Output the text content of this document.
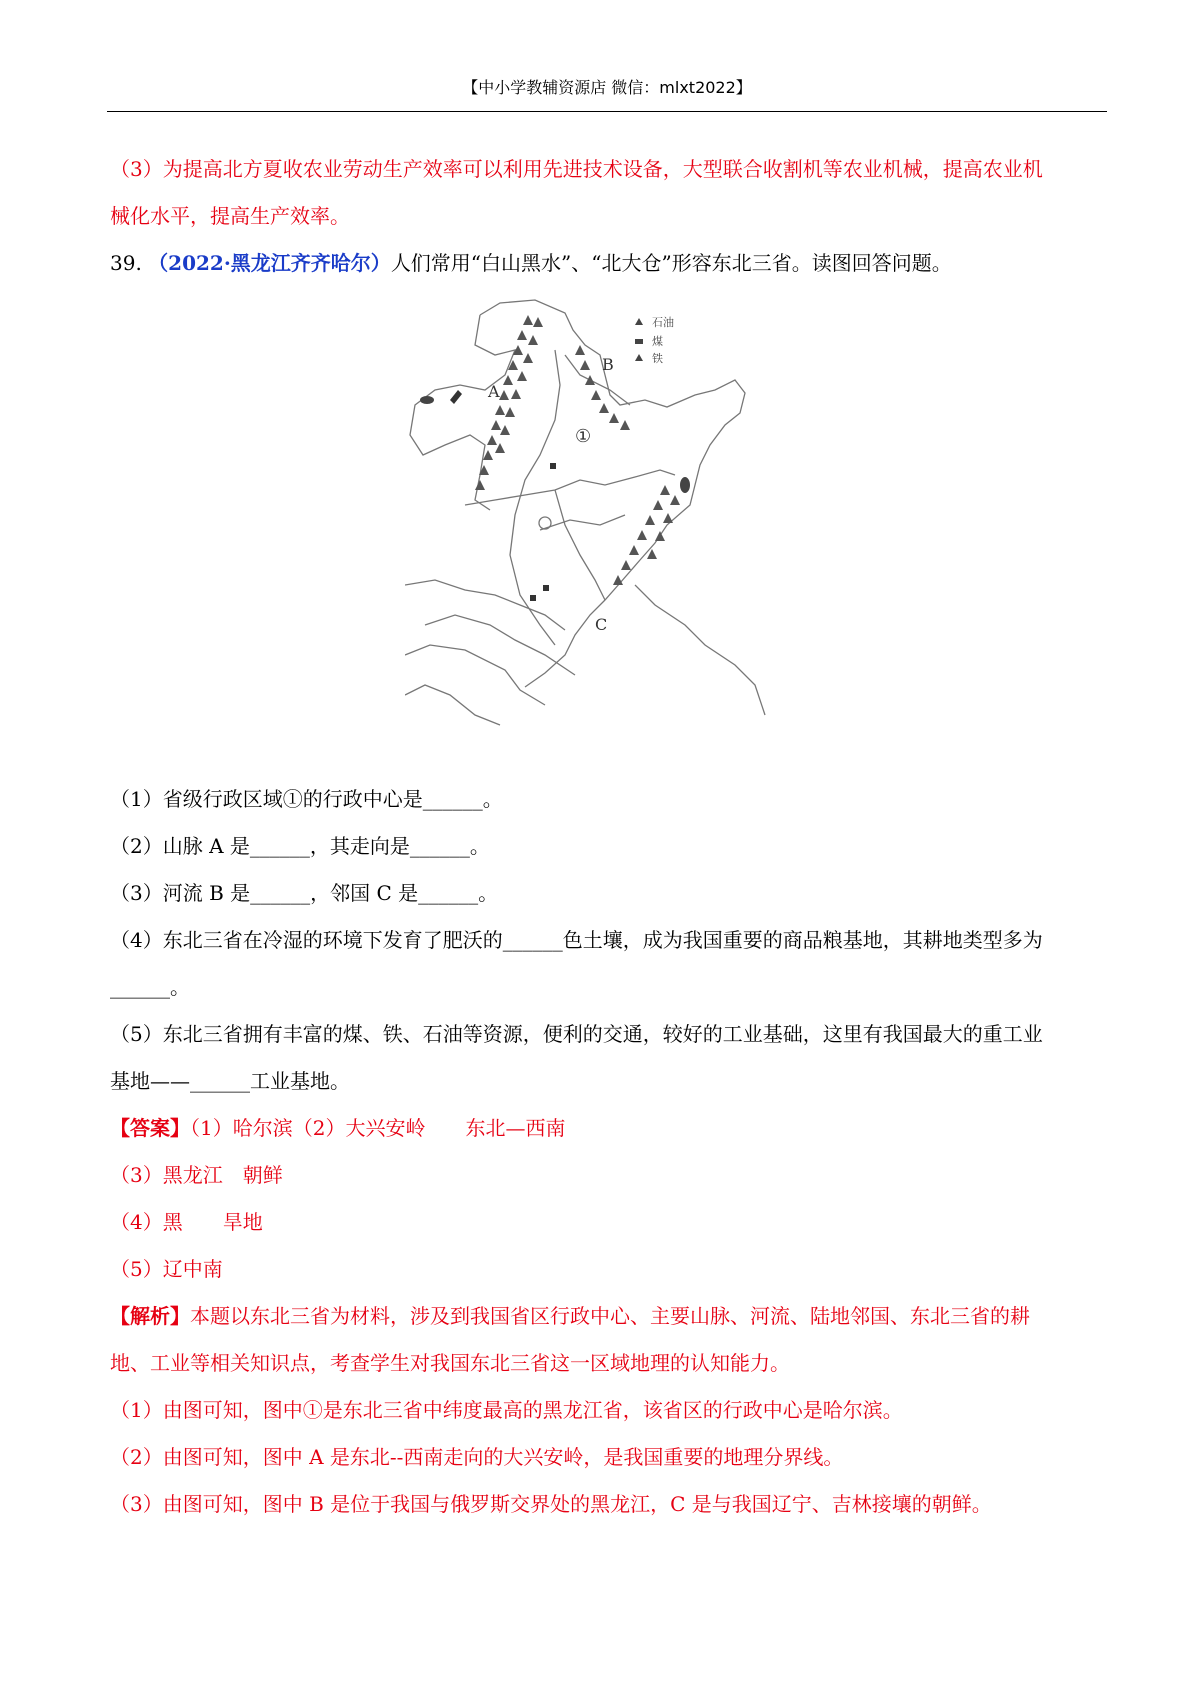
【中小学教辅资源店 微信：mlxt2022】
（3）为提高北方夏收农业劳动生产效率可以利用先进技术设备，大型联合收割机等农业机械，提高农业机
械化水平，提高生产效率。
39. （2022·黑龙江齐齐哈尔）人们常用“白山黑水”、“北大仓”形容东北三省。读图回答问题。
石油
煤
铁
A
B
C
①
（1）省级行政区域①的行政中心是______。
（2）山脉 A 是______，其走向是______。
（3）河流 B 是______，邻国 C 是______。
（4）东北三省在冷湿的环境下发育了肥沃的______色土壤，成为我国重要的商品粮基地，其耕地类型多为
______。
（5）东北三省拥有丰富的煤、铁、石油等资源，便利的交通，较好的工业基础，这里有我国最大的重工业
基地——______工业基地。
【答案】（1）哈尔滨（2）大兴安岭　　东北—西南
（3）黑龙江　朝鲜
（4）黑　　旱地
（5）辽中南
【解析】本题以东北三省为材料，涉及到我国省区行政中心、主要山脉、河流、陆地邻国、东北三省的耕
地、工业等相关知识点，考查学生对我国东北三省这一区域地理的认知能力。
（1）由图可知，图中①是东北三省中纬度最高的黑龙江省，该省区的行政中心是哈尔滨。
（2）由图可知，图中 A 是东北--西南走向的大兴安岭，是我国重要的地理分界线。
（3）由图可知，图中 B 是位于我国与俄罗斯交界处的黑龙江，C 是与我国辽宁、吉林接壤的朝鲜。
